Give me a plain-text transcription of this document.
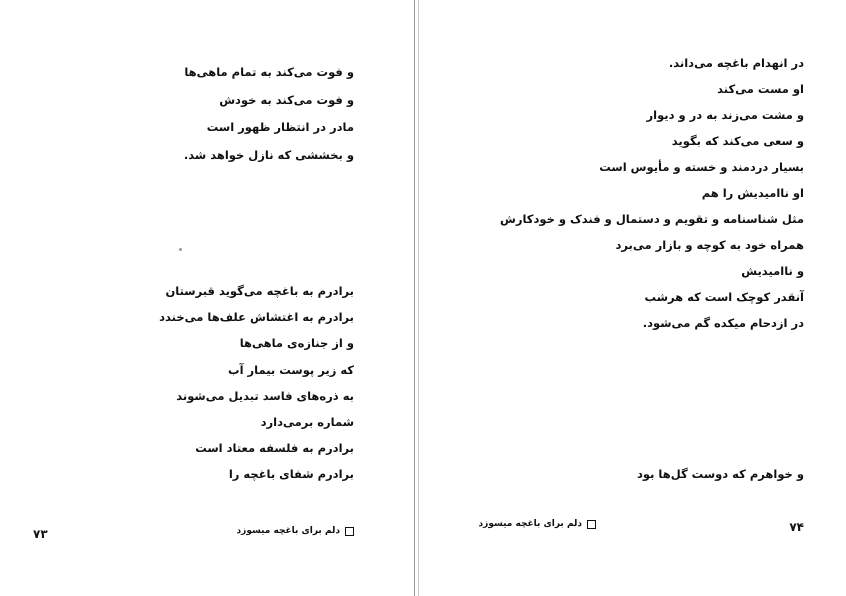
و فوت می‌کند به تمام ماهی‌ها
و فوت می‌کند به خودش
مادر در انتظار ظهور است
و بخششی که نازل خواهد شد.
برادرم به باغچه می‌گوید قبرستان
برادرم به اغتشاش علف‌ها می‌خندد
و از جنازه‌ی ماهی‌ها
که زیر پوست بیمار آب
به ذره‌های فاسد تبدیل می‌شوند
شماره برمی‌دارد
برادرم به فلسفه معتاد است
برادرم شفای باغچه را
دلم برای باغچه میسوزد
۷۳
در انهدام باغچه می‌داند.
او مست می‌کند
و مشت می‌زند به در و دیوار
و سعی می‌کند که بگوید
بسیار دردمند و خسته و مأیوس است
او ناامیدیش را هم
مثل شناسنامه و تقویم و دستمال و فندک و خودکارش
همراه خود به کوچه و بازار می‌برد
و ناامیدیش
آنقدر کوچک است که هرشب
در ازدحام میکده گم می‌شود.
و خواهرم که دوست گل‌ها بود
دلم برای باغچه میسوزد	۷۴
